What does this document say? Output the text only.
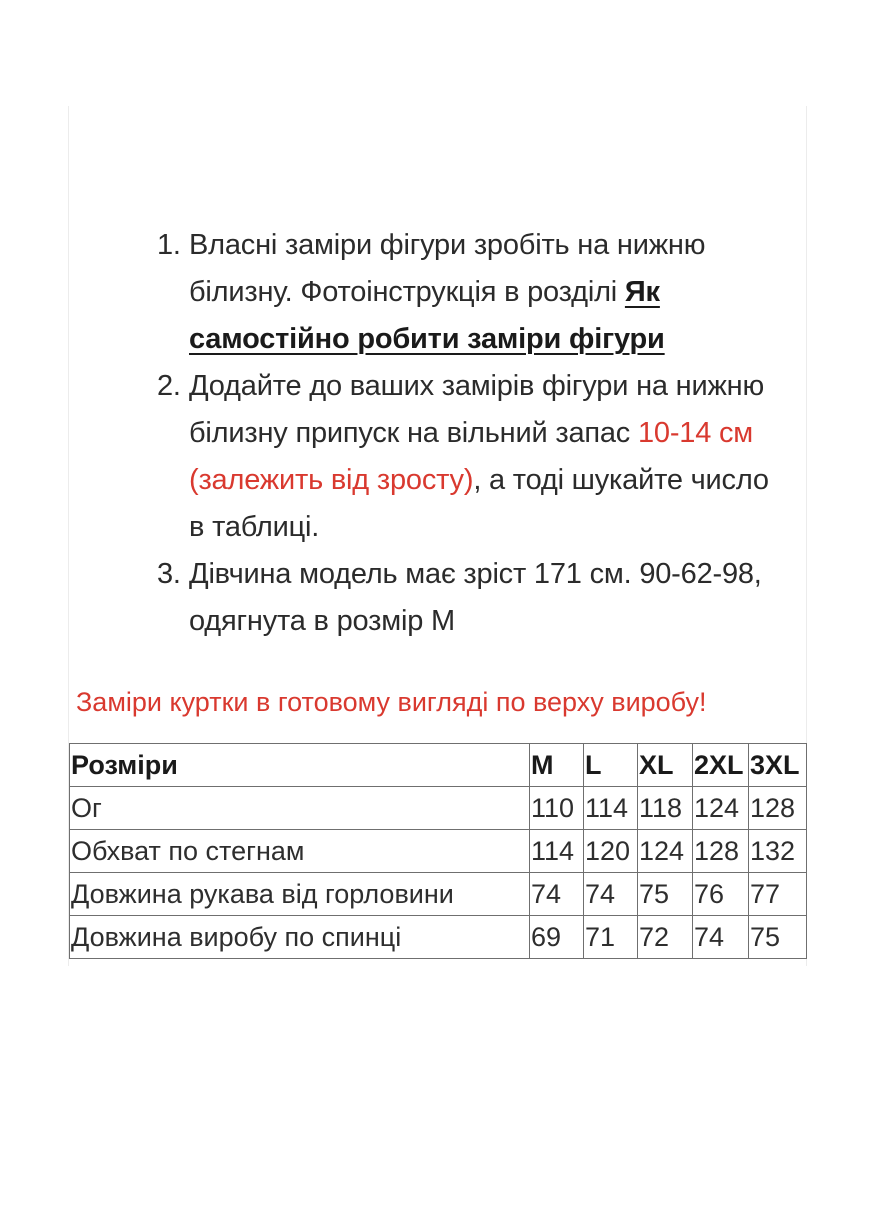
1. Власні заміри фігури зробіть на нижню білизну. Фотоінструкція в розділі Як самостійно робити заміри фігури
2. Додайте до ваших замірів фігури на нижню білизну припуск на вільний запас 10-14 см (залежить від зросту), а тоді шукайте число в таблиці.
3. Дівчина модель має зріст 171 см. 90-62-98, одягнута в розмір М
Заміри куртки в готовому вигляді по верху виробу!
Розміри	M	L	XL	2XL	3XL
Ог	110	114	118	124	128
Обхват по стегнам	114	120	124	128	132
Довжина рукава від горловини	74	74	75	76	77
Довжина виробу по спинці	69	71	72	74	75
